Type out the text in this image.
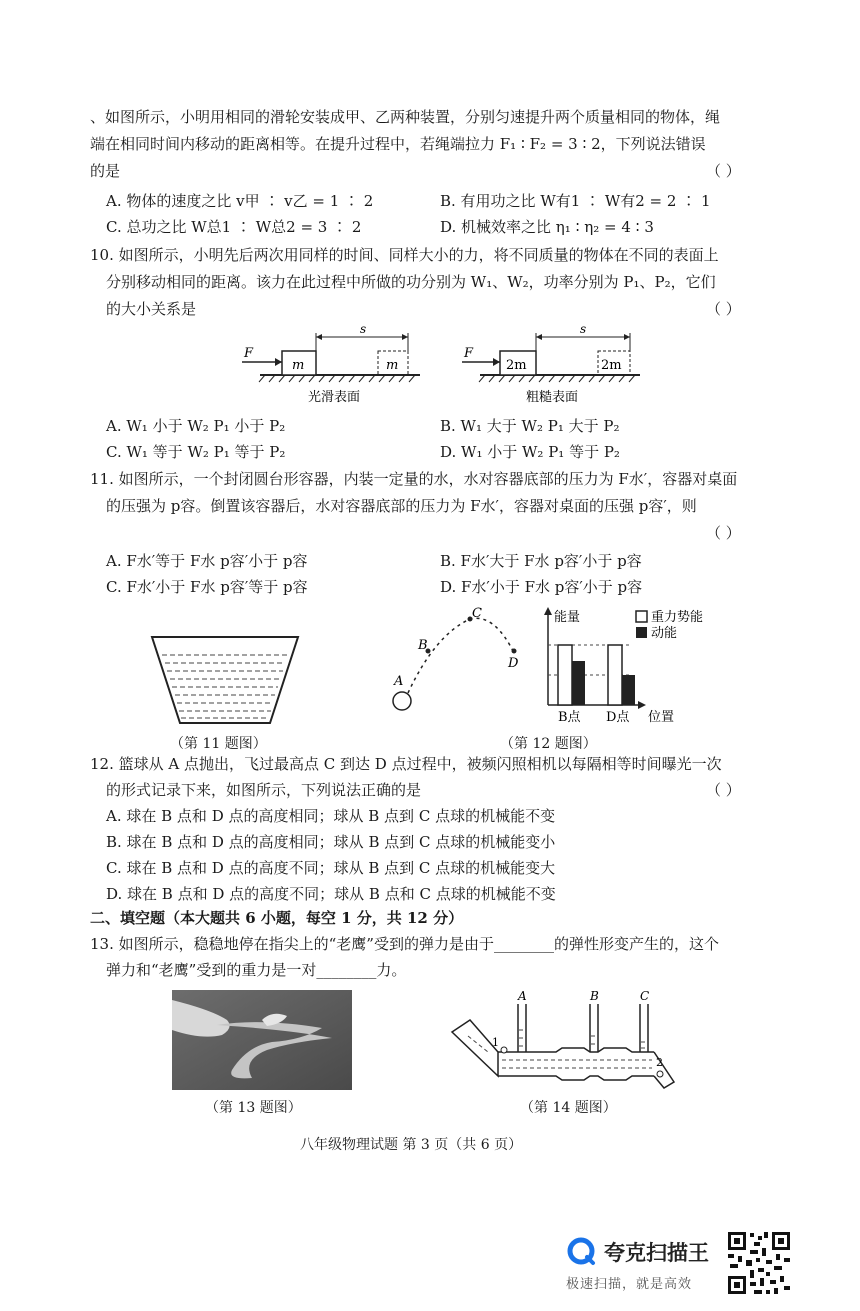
、如图所示，小明用相同的滑轮安装成甲、乙两种装置，分别匀速提升两个质量相同的物体，绳
端在相同时间内移动的距离相等。在提升过程中，若绳端拉力 F₁ ∶ F₂ = 3 ∶ 2，下列说法错误
的是	（ ）
A. 物体的速度之比 v甲 ∶ v乙 = 1 ∶ 2	B. 有用功之比 W有1 ∶ W有2 = 2 ∶ 1
C. 总功之比 W总1 ∶ W总2 = 3 ∶ 2	D. 机械效率之比 η₁ ∶ η₂ = 4 ∶ 3
10. 如图所示，小明先后两次用同样的时间、同样大小的力，将不同质量的物体在不同的表面上
分别移动相同的距离。该力在此过程中所做的功分别为 W₁、W₂，功率分别为 P₁、P₂，它们
的大小关系是	（ ）
F
m	m
s
光滑表面
F
2m	2m
s
粗糙表面
A. W₁ 小于 W₂ P₁ 小于 P₂	B. W₁ 大于 W₂ P₁ 大于 P₂
C. W₁ 等于 W₂ P₁ 等于 P₂	D. W₁ 小于 W₂ P₁ 等于 P₂
11. 如图所示，一个封闭圆台形容器，内装一定量的水，水对容器底部的压力为 F水′，容器对桌面
的压强为 p容。倒置该容器后，水对容器底部的压力为 F水′，容器对桌面的压强 p容′，则
（ ）
A. F水′等于 F水 p容′小于 p容	B. F水′大于 F水 p容′小于 p容
C. F水′小于 F水 p容′等于 p容	D. F水′小于 F水 p容′小于 p容
（第 11 题图）
A
B
C
D
能量	重力势能
动能
B点 D点 位置
（第 12 题图）
12. 篮球从 A 点抛出，飞过最高点 C 到达 D 点过程中，被频闪照相机以每隔相等时间曝光一次
的形式记录下来，如图所示，下列说法正确的是	（ ）
A. 球在 B 点和 D 点的高度相同；球从 B 点到 C 点球的机械能不变
B. 球在 B 点和 D 点的高度相同；球从 B 点到 C 点球的机械能变小
C. 球在 B 点和 D 点的高度不同；球从 B 点到 C 点球的机械能变大
D. 球在 B 点和 D 点的高度不同；球从 B 点和 C 点球的机械能不变
二、填空题（本大题共 6 小题，每空 1 分，共 12 分）
13. 如图所示，稳稳地停在指尖上的“老鹰”受到的弹力是由于________的弹性形变产生的，这个
弹力和“老鹰”受到的重力是一对________力。
（第 13 题图）
A	B	C
1
2
（第 14 题图）
八年级物理试题 第 3 页（共 6 页）
夸克扫描王
极速扫描，就是高效
